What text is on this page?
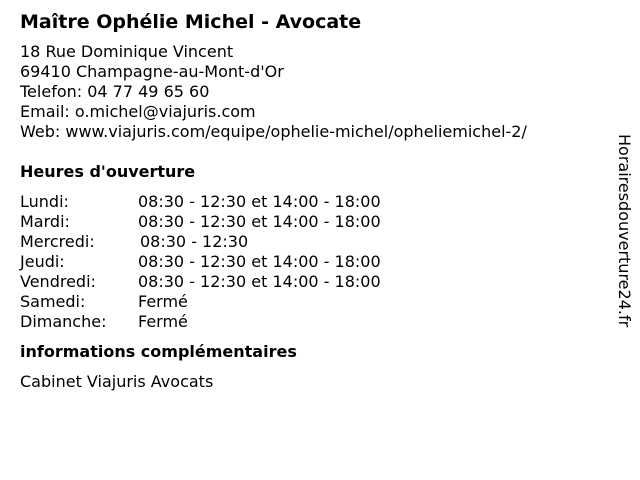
Maître Ophélie Michel - Avocate
18 Rue Dominique Vincent
69410 Champagne-au-Mont-d'Or
Telefon: 04 77 49 65 60
Email: o.michel@viajuris.com
Web: www.viajuris.com/equipe/ophelie-michel/opheliemichel-2/
Heures d'ouverture
Lundi:	08:30 - 12:30 et 14:00 - 18:00
Mardi:	08:30 - 12:30 et 14:00 - 18:00
Mercredi:	08:30 - 12:30
Jeudi:	08:30 - 12:30 et 14:00 - 18:00
Vendredi:	08:30 - 12:30 et 14:00 - 18:00
Samedi:	Fermé
Dimanche:	Fermé
informations complémentaires
Cabinet Viajuris Avocats
Horairesdouverture24.fr
